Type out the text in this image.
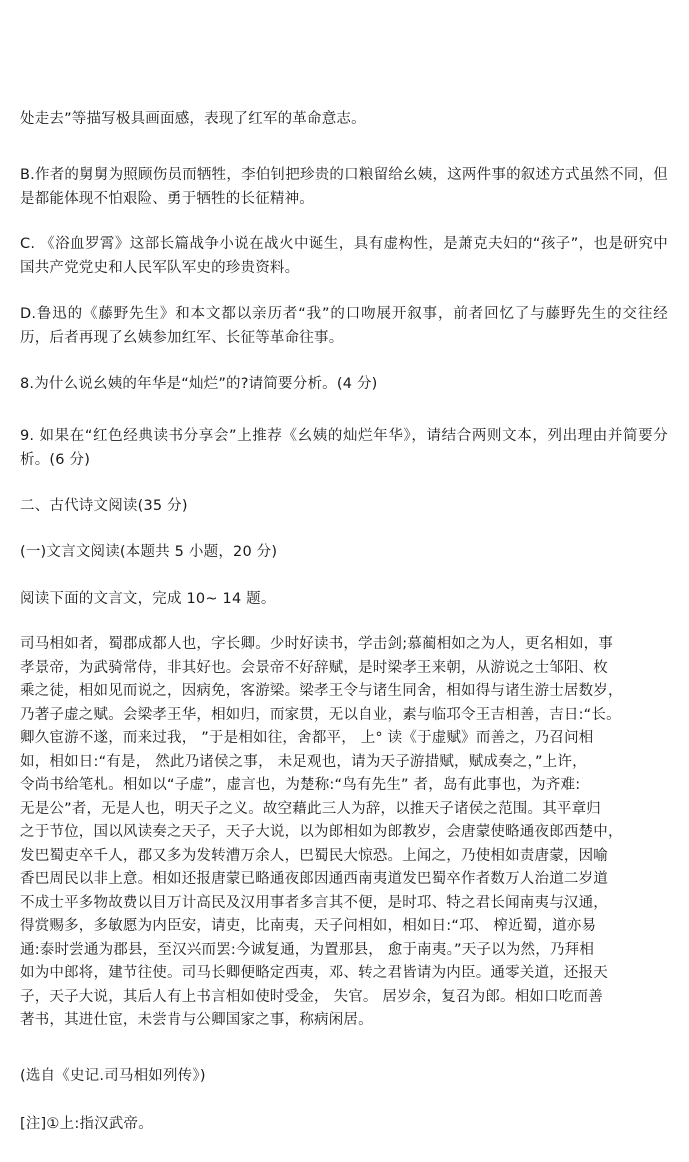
处走去”等描写极具画面感，表现了红军的革命意志。

B.作者的舅舅为照顾伤员而牺牲，李伯钊把珍贵的口粮留给幺姨，这两件事的叙述方式虽然不同，但是都能体现不怕艰险、勇于牺牲的长征精神。

C. 《浴血罗霄》这部长篇战争小说在战火中诞生，具有虚构性，是萧克夫妇的“孩子”，也是研究中国共产党党史和人民军队军史的珍贵资料。

D.鲁迅的《藤野先生》和本文都以亲历者“我”的口吻展开叙事，前者回忆了与藤野先生的交往经历，后者再现了幺姨参加红军、长征等革命往事。

8.为什么说幺姨的年华是“灿烂”的?请简要分析。(4 分)

9. 如果在“红色经典读书分享会”上推荐《幺姨的灿烂年华》，请结合两则文本，列出理由并简要分析。(6 分)

二、古代诗文阅读(35 分)

(一)文言文阅读(本题共 5 小题，20 分)

阅读下面的文言文，完成 10~ 14 题。

司马相如者，蜀郡成都人也，字长卿。少时好读书，学击剑;慕蔺相如之为人，更名相如，事
孝景帝，为武骑常侍，非其好也。会景帝不好辞赋，是时梁孝王来朝，从游说之士邹阳、枚
乘之徒，相如见而说之，因病免，客游梁。梁孝王令与诸生同舍，相如得与诸生游士居数岁，
乃著子虚之赋。会梁孝王华，相如归，而家贯，无以自业，素与临邛令王吉相善，吉日:“长。
卿久宦游不遂，而来过我， ”于是相如往，舍都平， 上° 读《于虚赋》而善之，乃召问相
如，相如日:“有是， 然此乃诸侯之事， 未足观也，请为天子游措赋，赋成奏之，”上许，
令尚书给笔札。相如以“子虚”，虚言也，为楚称:“鸟有先生” 者，岛有此事也，为齐难:
无是公”者，无是人也，明天子之义。故空藉此三人为辞，以推天子诸侯之范围。其平章归
之于节位，国以风读奏之天子，天子大说，以为郎相如为郎教岁，会唐蒙使略通夜郎西楚中，
发巴蜀吏卒千人，郡又多为发转漕万余人，巴蜀民大惊恐。上闻之，乃使相如责唐蒙，因喻
香巴周民以非上意。相如还报唐蒙已略通夜郎因通西南夷道发巴蜀卒作者数万人治道二岁道
不成士平多物故费以目万计高民及汉用事者多言其不便，是时邛、特之君长闻南夷与汉通，
得赏赐多，多敏愿为内臣安，请吏，比南夷，天子问相如，相如日:“邛、 榨近蜀，道亦易
通:泰时尝通为郡县，至汉兴而罢:今诚复通，为置那县， 愈于南夷。”天子以为然，乃拜相
如为中郎将，建节往使。司马长卿便略定西夷，邓、转之君皆请为内臣。通零关道，还报天
子，天子大说，其后人有上书言相如使时受金， 失官。 居岁余，复召为郎。相如口吃而善
著书，其进仕宦，未尝肯与公卿国家之事，称病闲居。

(选自《史记.司马相如列传》)

[注]①上:指汉武帝。
